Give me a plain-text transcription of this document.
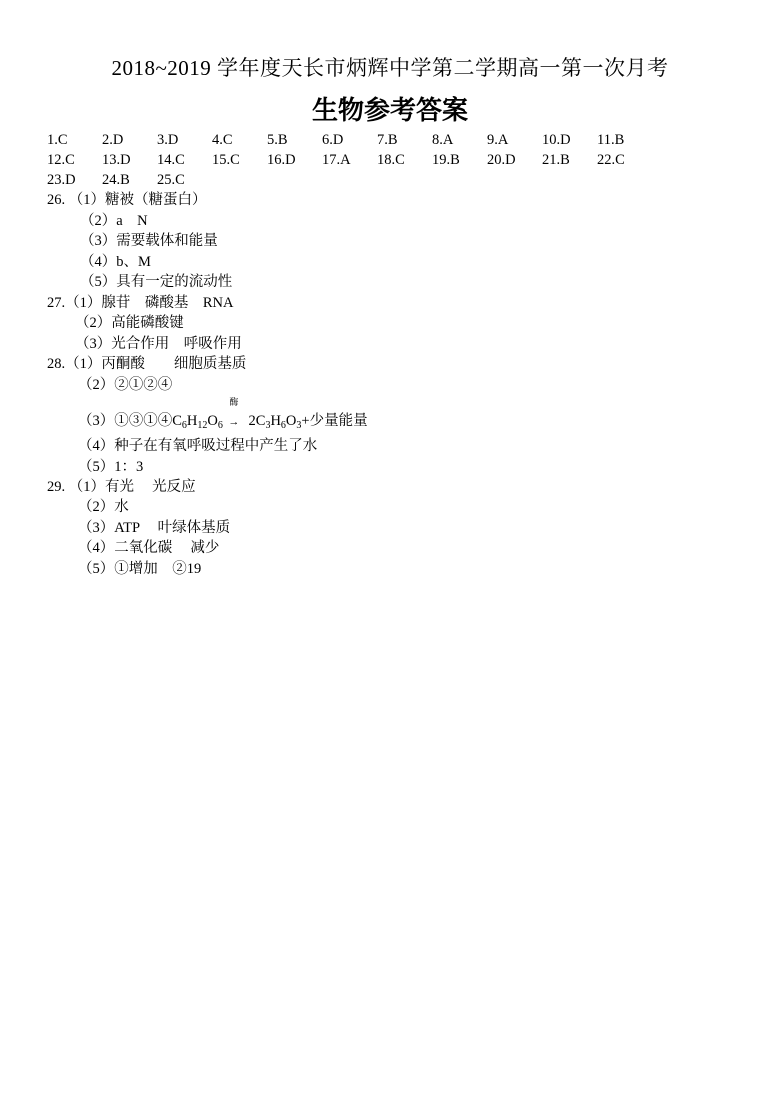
2018~2019 学年度天长市炳辉中学第二学期高一第一次月考
生物参考答案
1.C 2.D 3.D 4.C 5.B 6.D 7.B 8.A 9.A 10.D 11.B
12.C 13.D 14.C 15.C 16.D 17.A 18.C 19.B 20.D 21.B 22.C
23.D 24.B 25.C
26. （1）糖被（糖蛋白）
（2）a　N
（3）需要载体和能量
（4）b、M
（5）具有一定的流动性
27.（1）腺苷　磷酸基　RNA
（2）高能磷酸键
（3）光合作用　呼吸作用
28.（1）丙酮酸　　细胞质基质
（2）②①②④
$(3)①③①④C_6H_{12}O_6$
酶
→ $2C_3H_6O_3+$少量能量
（4）种子在有氧呼吸过程中产生了水
（5）1：3
29. （1）有光　 光反应
（2）水
（3）ATP　 叶绿体基质
（4）二氧化碳　 减少
（5）①增加　②19
